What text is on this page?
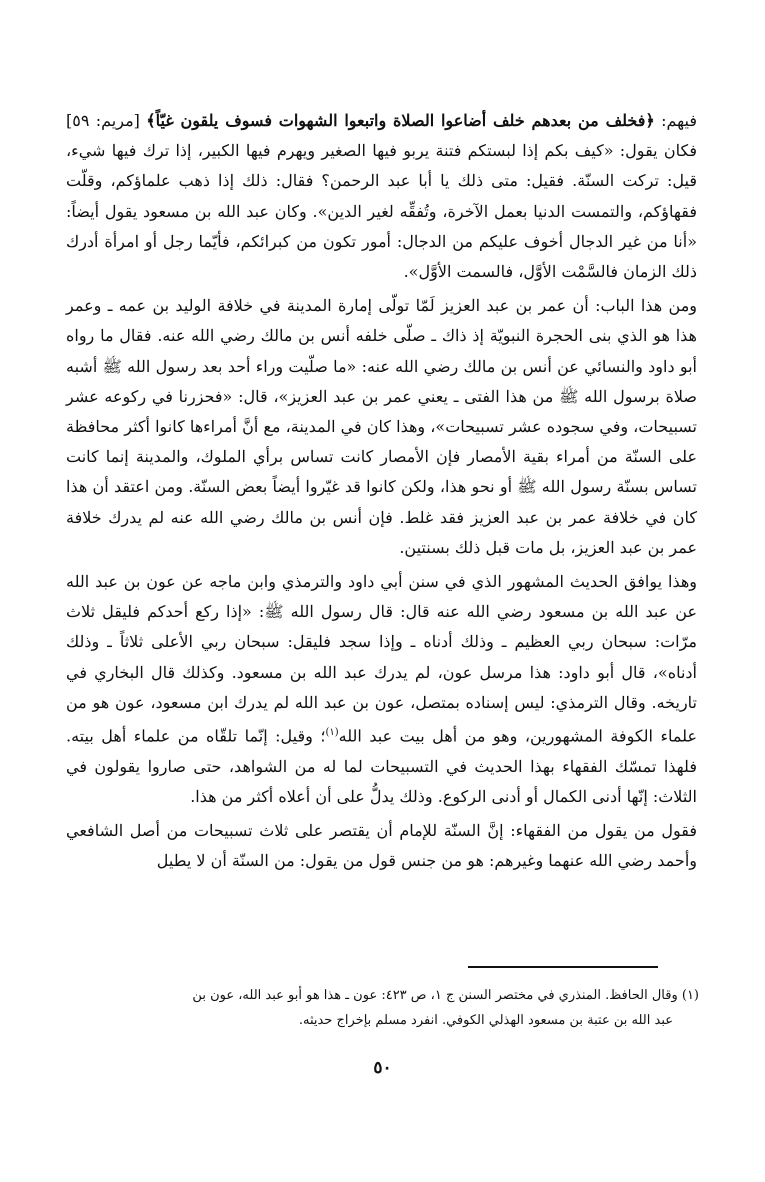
فيهم: ﴿فخلف من بعدهم خلف أضاعوا الصلاة واتبعوا الشهوات فسوف يلقون غيّاً﴾ [مريم: ٥٩] فكان يقول: «كيف بكم إذا لبستكم فتنة يربو فيها الصغير ويهرم فيها الكبير، إذا ترك فيها شيء، قيل: تركت السنّة. فقيل: متى ذلك يا أبا عبد الرحمن؟ فقال: ذلك إذا ذهب علماؤكم، وقلّت فقهاؤكم، والتمست الدنيا بعمل الآخرة، وتُفقِّه لغير الدين». وكان عبد الله بن مسعود يقول أيضاً: «أنا من غير الدجال أخوف عليكم من الدجال: أمور تكون من كبرائكم، فأيّما رجل أو امرأة أدرك ذلك الزمان فالسَّمْت الأوَّل، فالسمت الأوَّل».

ومن هذا الباب: أن عمر بن عبد العزيز لَمّا تولّى إمارة المدينة في خلافة الوليد بن عمه ـ وعمر هذا هو الذي بنى الحجرة النبويّة إذ ذاك ـ صلّى خلفه أنس بن مالك رضي الله عنه. فقال ما رواه أبو داود والنسائي عن أنس بن مالك رضي الله عنه: «ما صلّيت وراء أحد بعد رسول الله ﷺ أشبه صلاة برسول الله ﷺ من هذا الفتى ـ يعني عمر بن عبد العزيز»، قال: «فحزرنا في ركوعه عشر تسبيحات، وفي سجوده عشر تسبيحات»، وهذا كان في المدينة، مع أنَّ أمراءها كانوا أكثر محافظة على السنّة من أمراء بقية الأمصار فإن الأمصار كانت تساس برأي الملوك، والمدينة إنما كانت تساس بسنّة رسول الله ﷺ أو نحو هذا، ولكن كانوا قد غيّروا أيضاً بعض السنّة. ومن اعتقد أن هذا كان في خلافة عمر بن عبد العزيز فقد غلط. فإن أنس بن مالك رضي الله عنه لم يدرك خلافة عمر بن عبد العزيز، بل مات قبل ذلك بسنتين.

وهذا يوافق الحديث المشهور الذي في سنن أبي داود والترمذي وابن ماجه عن عون بن عبد الله عن عبد الله بن مسعود رضي الله عنه قال: قال رسول الله ﷺ: «إذا ركع أحدكم فليقل ثلاث مرّات: سبحان ربي العظيم ـ وذلك أدناه ـ وإذا سجد فليقل: سبحان ربي الأعلى ثلاثاً ـ وذلك أدناه»، قال أبو داود: هذا مرسل عون، لم يدرك عبد الله بن مسعود. وكذلك قال البخاري في تاريخه. وقال الترمذي: ليس إسناده بمتصل، عون بن عبد الله لم يدرك ابن مسعود، عون هو من علماء الكوفة المشهورين، وهو من أهل بيت عبد الله$^{(١)}$؛ وقيل: إنّما تلقّاه من علماء أهل بيته. فلهذا تمسّك الفقهاء بهذا الحديث في التسبيحات لما له من الشواهد، حتى صاروا يقولون في الثلاث: إنّها أدنى الكمال أو أدنى الركوع. وذلك يدلُّ على أن أعلاه أكثر من هذا.

فقول من يقول من الفقهاء: إنَّ السنّة للإمام أن يقتصر على ثلاث تسبيحات من أصل الشافعي وأحمد رضي الله عنهما وغيرهم: هو من جنس قول من يقول: من السنّة أن لا يطيل

(١) وقال الحافظ. المنذري في مختصر السنن ج ١، ص ٤٢٣: عون ـ هذا هو أبو عبد الله، عون بن

عبد الله بن عتبة بن مسعود الهذلي الكوفي. انفرد مسلم بإخراج حديثه.

٥٠
